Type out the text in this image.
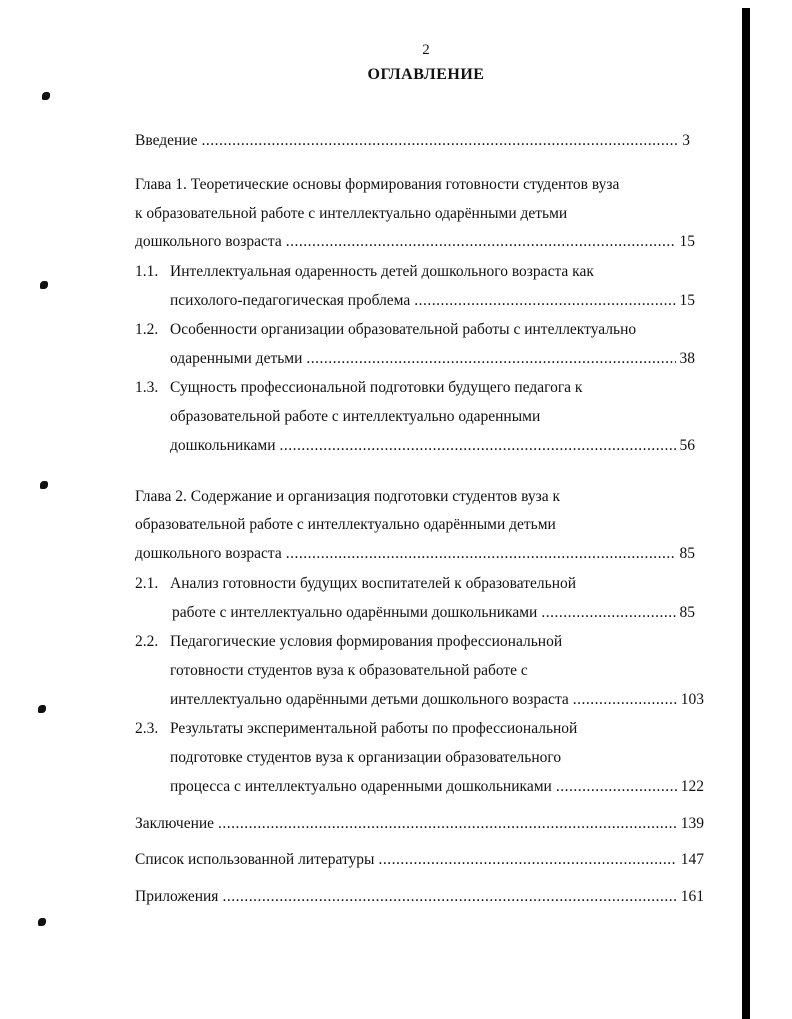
2
ОГЛАВЛЕНИЕ
Введение .....	3
Глава 1. Теоретические основы формирования готовности студентов вуза
к образовательной работе с интеллектуально одарёнными детьми
дошкольного возраста .....	15
1.1. Интеллектуальная одаренность детей дошкольного возраста как
психолого-педагогическая проблема .....	15
1.2. Особенности организации образовательной работы с интеллектуально
одаренными детьми .....	38
1.3. Сущность профессиональной подготовки будущего педагога к
образовательной работе с интеллектуально одаренными
дошкольниками .....	56
Глава 2. Содержание и организация подготовки студентов вуза к
образовательной работе с интеллектуально одарёнными детьми
дошкольного возраста .....	85
2.1. Анализ готовности будущих воспитателей к образовательной
работе с интеллектуально одарёнными дошкольниками .....	85
2.2. Педагогические условия формирования профессиональной
готовности студентов вуза к образовательной работе с
интеллектуально одарёнными детьми дошкольного возраста .....	103
2.3. Результаты экспериментальной работы по профессиональной
подготовке студентов вуза к организации образовательного
процесса с интеллектуально одаренными дошкольниками .....	122
Заключение .....	139
Список использованной литературы .....	147
Приложения .....	161
